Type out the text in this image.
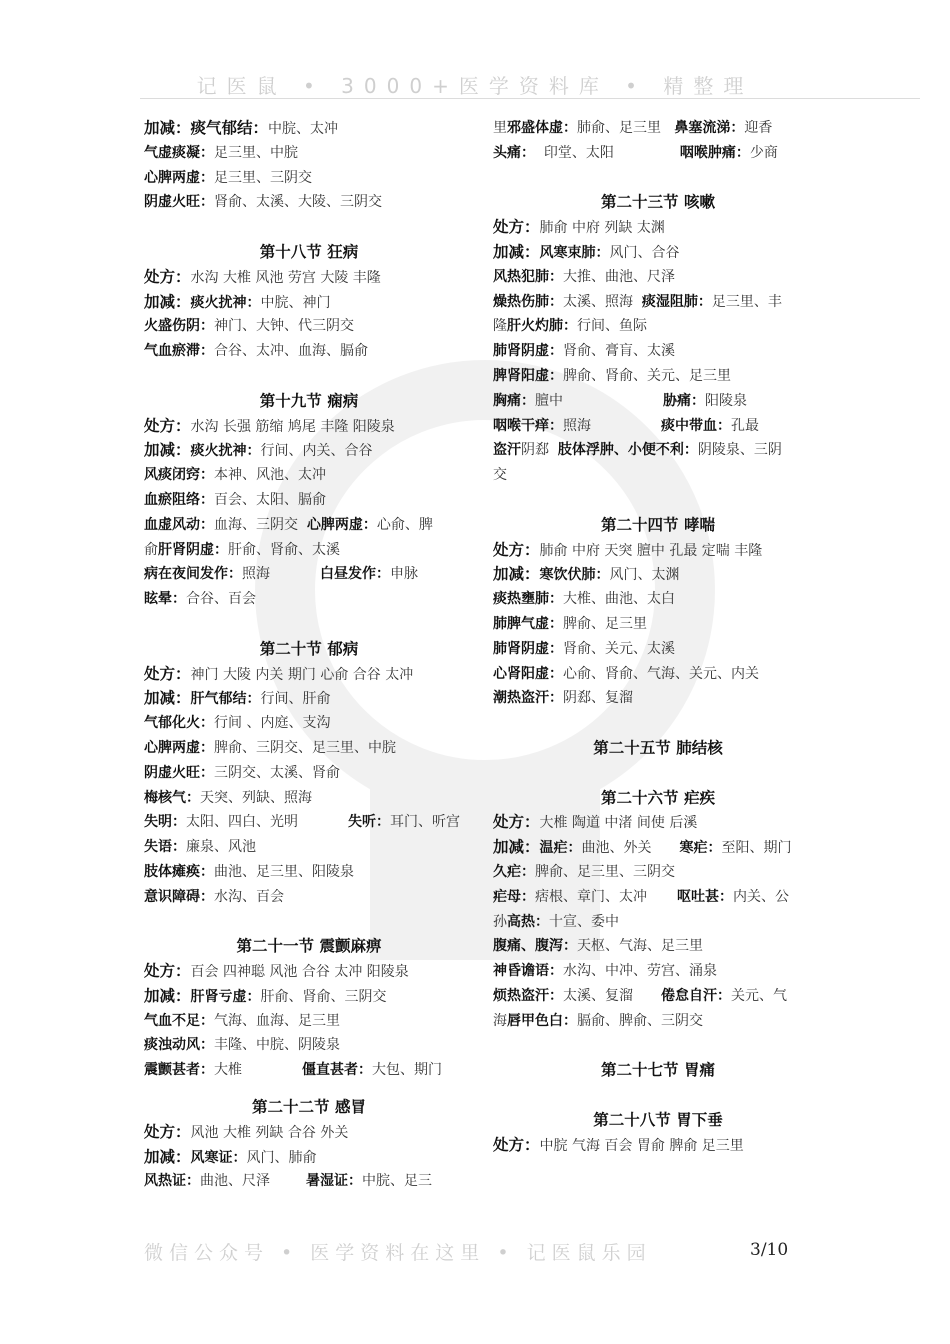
记医鼠 • 3000+医学资料库 • 精整理
加减：痰气郁结：中脘、太冲
气虚痰凝：足三里、中脘
心脾两虚：足三里、三阴交
阴虚火旺：肾俞、太溪、大陵、三阴交
第十八节 狂病
处方：水沟 大椎 风池 劳宫 大陵 丰隆
加减：痰火扰神：中脘、神门
火盛伤阴：神门、大钟、代三阴交
气血瘀滞：合谷、太冲、血海、膈俞
第十九节 痫病
处方：水沟 长强 筋缩 鸠尾 丰隆 阳陵泉
加减：痰火扰神：行间、内关、合谷
风痰闭窍：本神、风池、太冲
血瘀阻络：百会、太阳、膈俞
血虚风动：血海、三阴交 心脾两虚：心俞、脾
俞肝肾阴虚：肝俞、肾俞、太溪
病在夜间发作：照海	白昼发作：申脉
眩晕：合谷、百会
第二十节 郁病
处方：神门 大陵 内关 期门 心俞 合谷 太冲
加减：肝气郁结：行间、肝俞
气郁化火：行间 、内庭、支沟
心脾两虚：脾俞、三阴交、足三里、中脘
阴虚火旺：三阴交、太溪、肾俞
梅核气：天突、列缺、照海
失明：太阳、四白、光明	失听：耳门、听宫
失语：廉泉、风池
肢体瘫痪：曲池、足三里、阳陵泉
意识障碍：水沟、百会
第二十一节 震颤麻痹
处方：百会 四神聪 风池 合谷 太冲 阳陵泉
加减：肝肾亏虚：肝俞、肾俞、三阴交
气血不足：气海、血海、足三里
痰浊动风：丰隆、中脘、阴陵泉
震颤甚者：大椎	僵直甚者：大包、期门
第二十二节 感冒
处方：风池 大椎 列缺 合谷 外关
加减：风寒证：风门、肺俞
风热证：曲池、尺泽	暑湿证：中脘、足三
里邪盛体虚：肺俞、足三里 鼻塞流涕：迎香
头痛： 印堂、太阳	咽喉肿痛：少商
第二十三节 咳嗽
处方：肺俞 中府 列缺 太渊
加减：风寒束肺：风门、合谷
风热犯肺：大推、曲池、尺泽
燥热伤肺：太溪、照海 痰湿阻肺：足三里、丰
隆肝火灼肺：行间、鱼际
肺肾阴虚：肾俞、膏肓、太溪
脾肾阳虚：脾俞、肾俞、关元、足三里
胸痛：膻中	胁痛：阳陵泉
咽喉干痒：照海	痰中带血：孔最
盗汗阴郄 肢体浮肿、小便不利：阴陵泉、三阴
交
第二十四节 哮喘
处方：肺俞 中府 天突 膻中 孔最 定喘 丰隆
加减：寒饮伏肺：风门、太渊
痰热壅肺：大椎、曲池、太白
肺脾气虚：脾俞、足三里
肺肾阴虚：肾俞、关元、太溪
心肾阳虚：心俞、肾俞、气海、关元、内关
潮热盗汗：阴郄、复溜
第二十五节 肺结核
第二十六节 疟疾
处方：大椎 陶道 中渚 间使 后溪
加减：温疟：曲池、外关 寒疟：至阳、期门
久疟：脾俞、足三里、三阴交
疟母：痞根、章门、太冲 呕吐甚：内关、公
孙高热：十宣、委中
腹痛、腹泻：天枢、气海、足三里
神昏谵语：水沟、中冲、劳宫、涌泉
烦热盗汗：太溪、复溜 倦怠自汗：关元、气
海唇甲色白：膈俞、脾俞、三阴交
第二十七节 胃痛
第二十八节 胃下垂
处方：中脘 气海 百会 胃俞 脾俞 足三里
微信公众号 • 医学资料在这里 • 记医鼠乐园	3/10
